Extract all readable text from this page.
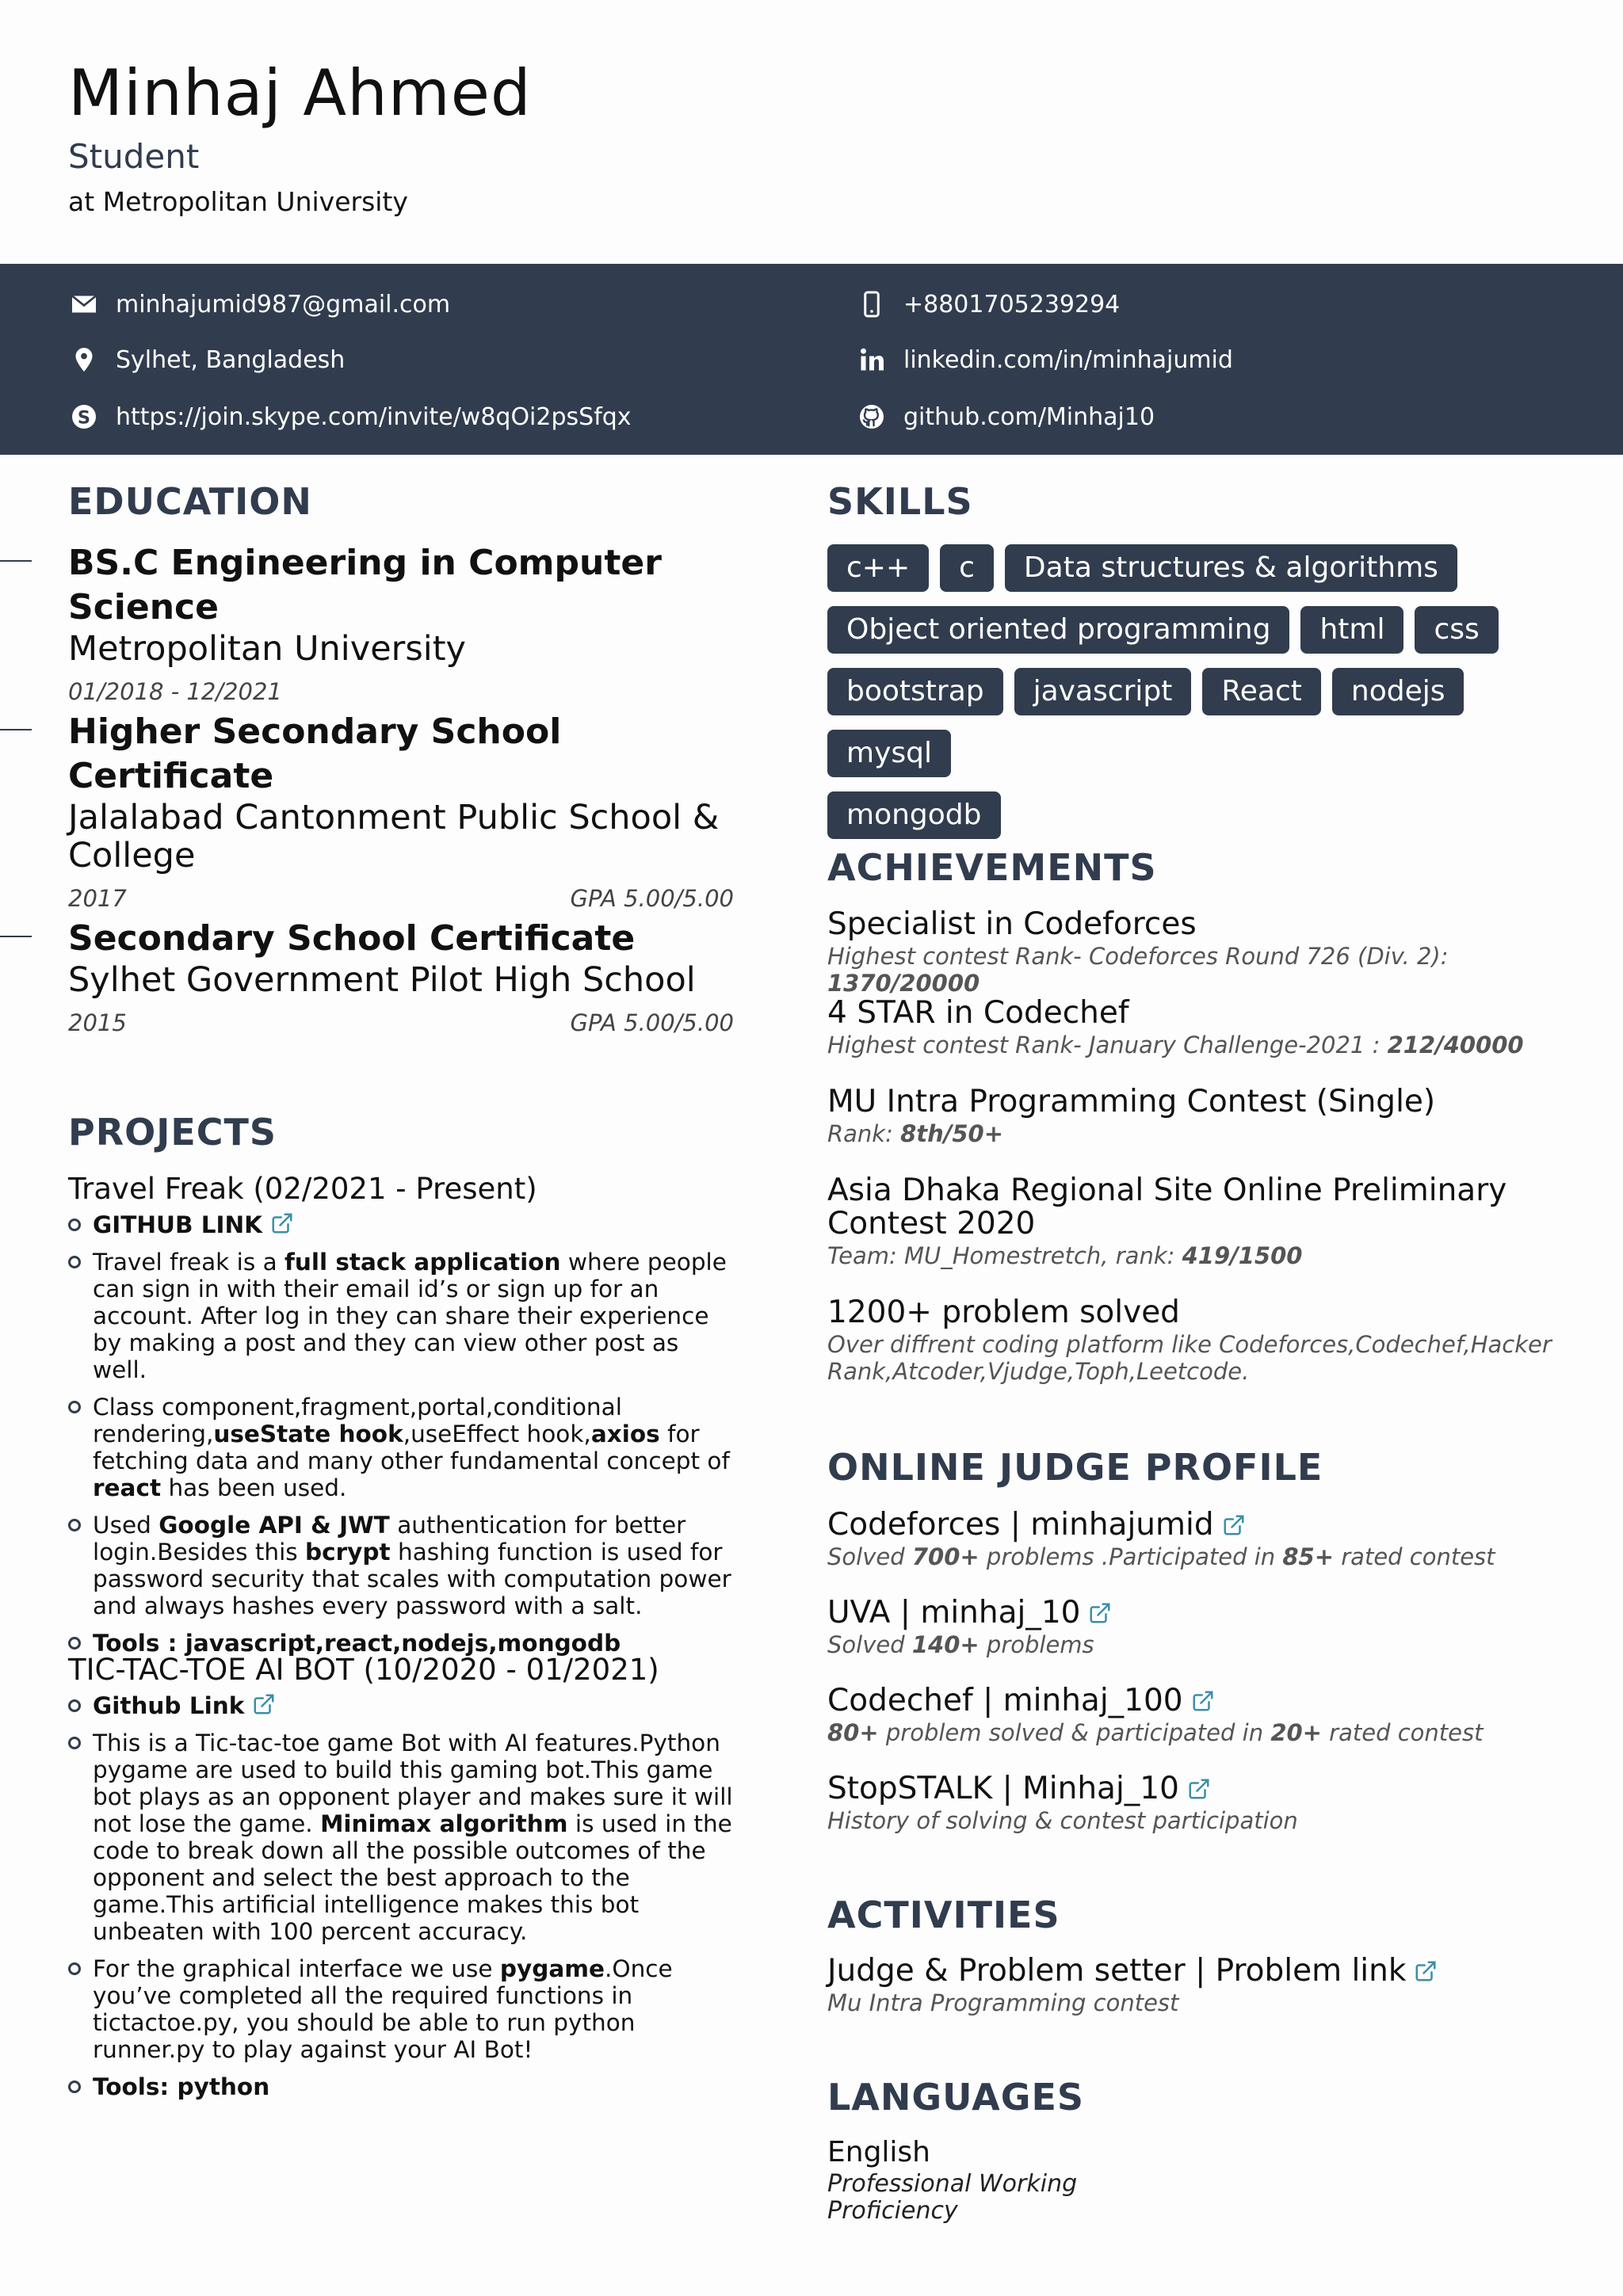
Minhaj Ahmed
Student
at Metropolitan University
minhajumid987@gmail.com	+8801705239294
Sylhet, Bangladesh	linkedin.com/in/minhajumid
S https://join.skype.com/invite/w8qOi2psSfqx	github.com/Minhaj10
EDUCATION
BS.C Engineering in Computer Science
Metropolitan University
01/2018 - 12/2021
Higher Secondary School Certificate
Jalalabad Cantonment Public School & College
2017	GPA 5.00/5.00
Secondary School Certificate
Sylhet Government Pilot High School
2015	GPA 5.00/5.00
PROJECTS
Travel Freak (02/2021 - Present)
GITHUB LINK
Travel freak is a full stack application where people can sign in with their email id’s or sign up for an account. After log in they can share their experience by making a post and they can view other post as well.
Class component,fragment,portal,conditional rendering,useState hook,useEffect hook,axios for fetching data and many other fundamental concept of react has been used.
Used Google API & JWT authentication for better login.Besides this bcrypt hashing function is used for password security that scales with computation power and always hashes every password with a salt.
Tools : javascript,react,nodejs,mongodb
TIC-TAC-TOE AI BOT (10/2020 - 01/2021)
Github Link
This is a Tic-tac-toe game Bot with AI features.Python pygame are used to build this gaming bot.This game bot plays as an opponent player and makes sure it will not lose the game. Minimax algorithm is used in the code to break down all the possible outcomes of the opponent and select the best approach to the game.This artificial intelligence makes this bot unbeaten with 100 percent accuracy.
For the graphical interface we use pygame.Once you’ve completed all the required functions in tictactoe.py, you should be able to run python runner.py to play against your AI Bot!
Tools: python
SKILLS
c++ c Data structures & algorithms
Object oriented programming html css
bootstrap javascript React nodejsmysql
mongodb
ACHIEVEMENTS
Specialist in Codeforces
Highest contest Rank- Codeforces Round 726 (Div. 2): 1370/20000
4 STAR in Codechef
Highest contest Rank- January Challenge-2021 : 212/40000
MU Intra Programming Contest (Single)
Rank: 8th/50+
Asia Dhaka Regional Site Online Preliminary Contest 2020
Team: MU_Homestretch, rank: 419/1500
1200+ problem solved
Over diffrent coding platform like Codeforces,Codechef,Hacker Rank,Atcoder,Vjudge,Toph,Leetcode.
ONLINE JUDGE PROFILE
Codeforces | minhajumid
Solved 700+ problems .Participated in 85+ rated contest
UVA | minhaj_10
Solved 140+ problems
Codechef | minhaj_100
80+ problem solved & participated in 20+ rated contest
StopSTALK | Minhaj_10
History of solving & contest participation
ACTIVITIES
Judge & Problem setter | Problem link
Mu Intra Programming contest
LANGUAGES
English
Professional Working Proficiency
